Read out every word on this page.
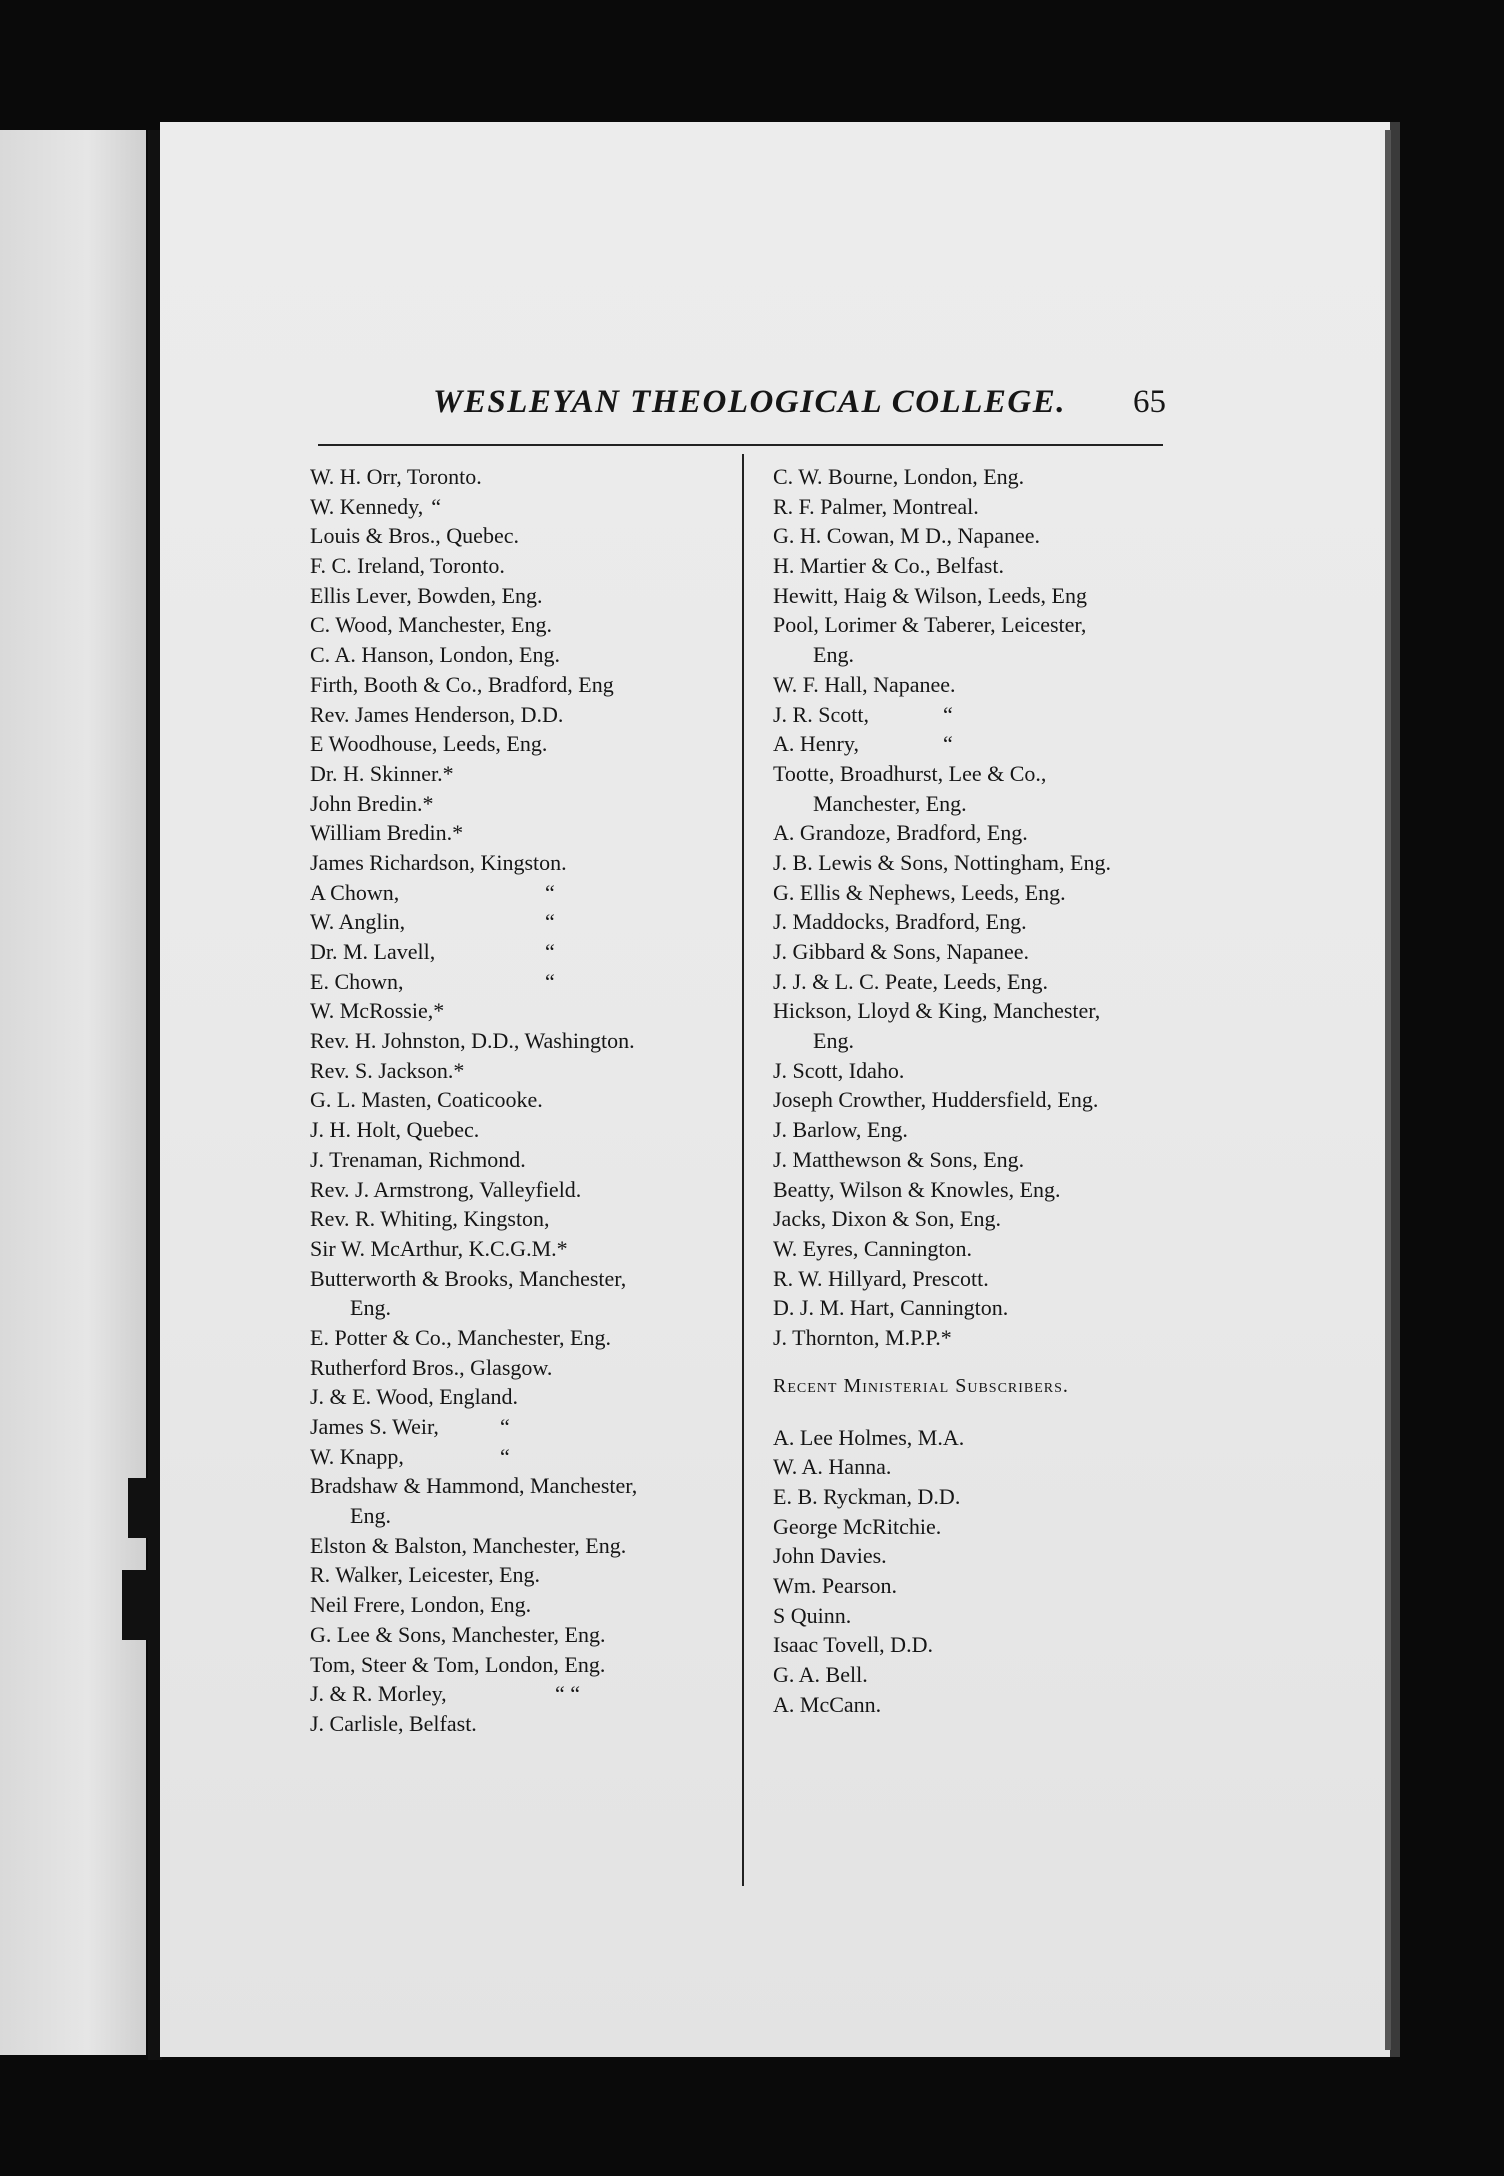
WESLEYAN THEOLOGICAL COLLEGE. 65
W. H. Orr, Toronto.
W. Kennedy, “
Louis & Bros., Quebec.
F. C. Ireland, Toronto.
Ellis Lever, Bowden, Eng.
C. Wood, Manchester, Eng.
C. A. Hanson, London, Eng.
Firth, Booth & Co., Bradford, Eng
Rev. James Henderson, D.D.
E Woodhouse, Leeds, Eng.
Dr. H. Skinner.*
John Bredin.*
William Bredin.*
James Richardson, Kingston.
A Chown,	“
W. Anglin,	“
Dr. M. Lavell,	“
E. Chown,	“
W. McRossie,*
Rev. H. Johnston, D.D., Washington.
Rev. S. Jackson.*
G. L. Masten, Coaticooke.
J. H. Holt, Quebec.
J. Trenaman, Richmond.
Rev. J. Armstrong, Valleyfield.
Rev. R. Whiting, Kingston,
Sir W. McArthur, K.C.G.M.*
Butterworth & Brooks, Manchester,
Eng.
E. Potter & Co., Manchester, Eng.
Rutherford Bros., Glasgow.
J. & E. Wood, England.
James S. Weir,	“
W. Knapp,	“
Bradshaw & Hammond, Manchester,
Eng.
Elston & Balston, Manchester, Eng.
R. Walker, Leicester, Eng.
Neil Frere, London, Eng.
G. Lee & Sons, Manchester, Eng.
Tom, Steer & Tom, London, Eng.
J. & R. Morley,	“ “
J. Carlisle, Belfast.
C. W. Bourne, London, Eng.
R. F. Palmer, Montreal.
G. H. Cowan, M D., Napanee.
H. Martier & Co., Belfast.
Hewitt, Haig & Wilson, Leeds, Eng
Pool, Lorimer & Taberer, Leicester,
Eng.
W. F. Hall, Napanee.
J. R. Scott,	“
A. Henry,	“
Tootte, Broadhurst, Lee & Co.,
Manchester, Eng.
A. Grandoze, Bradford, Eng.
J. B. Lewis & Sons, Nottingham, Eng.
G. Ellis & Nephews, Leeds, Eng.
J. Maddocks, Bradford, Eng.
J. Gibbard & Sons, Napanee.
J. J. & L. C. Peate, Leeds, Eng.
Hickson, Lloyd & King, Manchester,
Eng.
J. Scott, Idaho.
Joseph Crowther, Huddersfield, Eng.
J. Barlow, Eng.
J. Matthewson & Sons, Eng.
Beatty, Wilson & Knowles, Eng.
Jacks, Dixon & Son, Eng.
W. Eyres, Cannington.
R. W. Hillyard, Prescott.
D. J. M. Hart, Cannington.
J. Thornton, M.P.P.*
Recent Ministerial Subscribers.
A. Lee Holmes, M.A.
W. A. Hanna.
E. B. Ryckman, D.D.
George McRitchie.
John Davies.
Wm. Pearson.
S Quinn.
Isaac Tovell, D.D.
G. A. Bell.
A. McCann.
